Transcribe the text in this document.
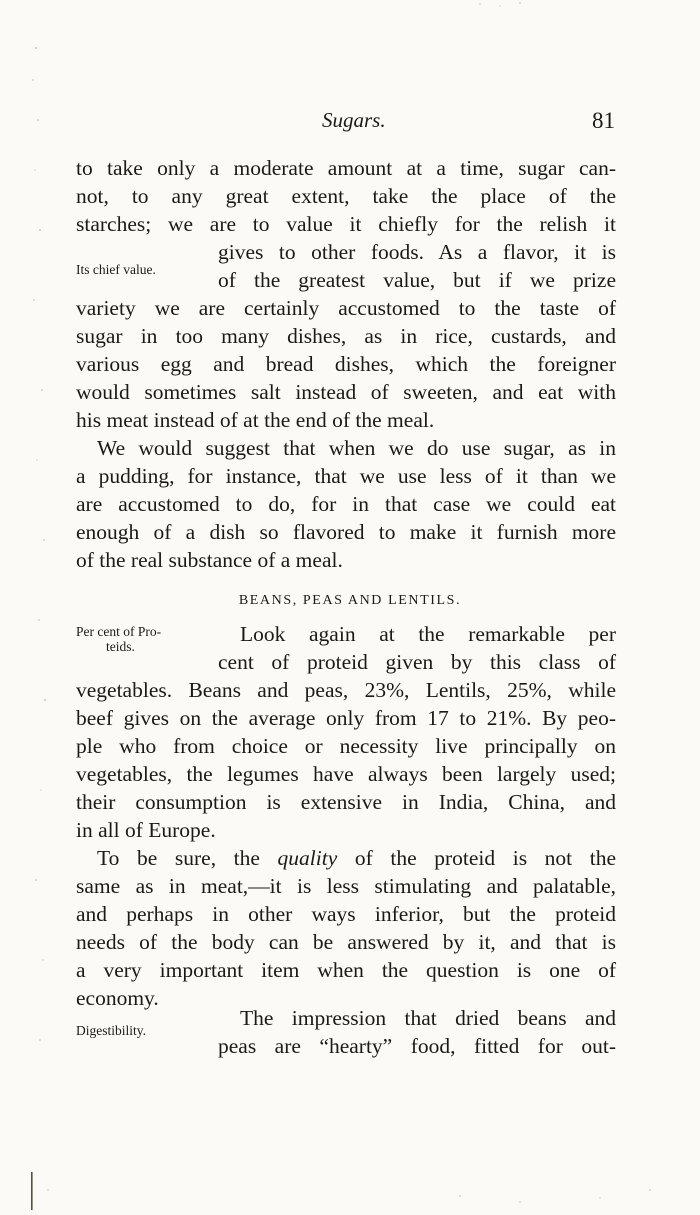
Sugars.	81
to take only a moderate amount at a time, sugar can-
not, to any great extent, take the place of the
starches; we are to value it chiefly for the relish it
gives to other foods. As a flavor, it is
Its chief value.	of the greatest value, but if we prize
variety we are certainly accustomed to the taste of
sugar in too many dishes, as in rice, custards, and
various egg and bread dishes, which the foreigner
would sometimes salt instead of sweeten, and eat with
his meat instead of at the end of the meal.
We would suggest that when we do use sugar, as in
a pudding, for instance, that we use less of it than we
are accustomed to do, for in that case we could eat
enough of a dish so flavored to make it furnish more
of the real substance of a meal.
BEANS, PEAS AND LENTILS.
Per cent of Pro-
teids.
Look again at the remarkable per
cent of proteid given by this class of
vegetables. Beans and peas, 23%, Lentils, 25%, while
beef gives on the average only from 17 to 21%. By peo-
ple who from choice or necessity live principally on
vegetables, the legumes have always been largely used;
their consumption is extensive in India, China, and
in all of Europe.
To be sure, the quality of the proteid is not the
same as in meat,—it is less stimulating and palatable,
and perhaps in other ways inferior, but the proteid
needs of the body can be answered by it, and that is
a very important item when the question is one of
economy.
Digestibility.
The impression that dried beans and
peas are “hearty” food, fitted for out-
